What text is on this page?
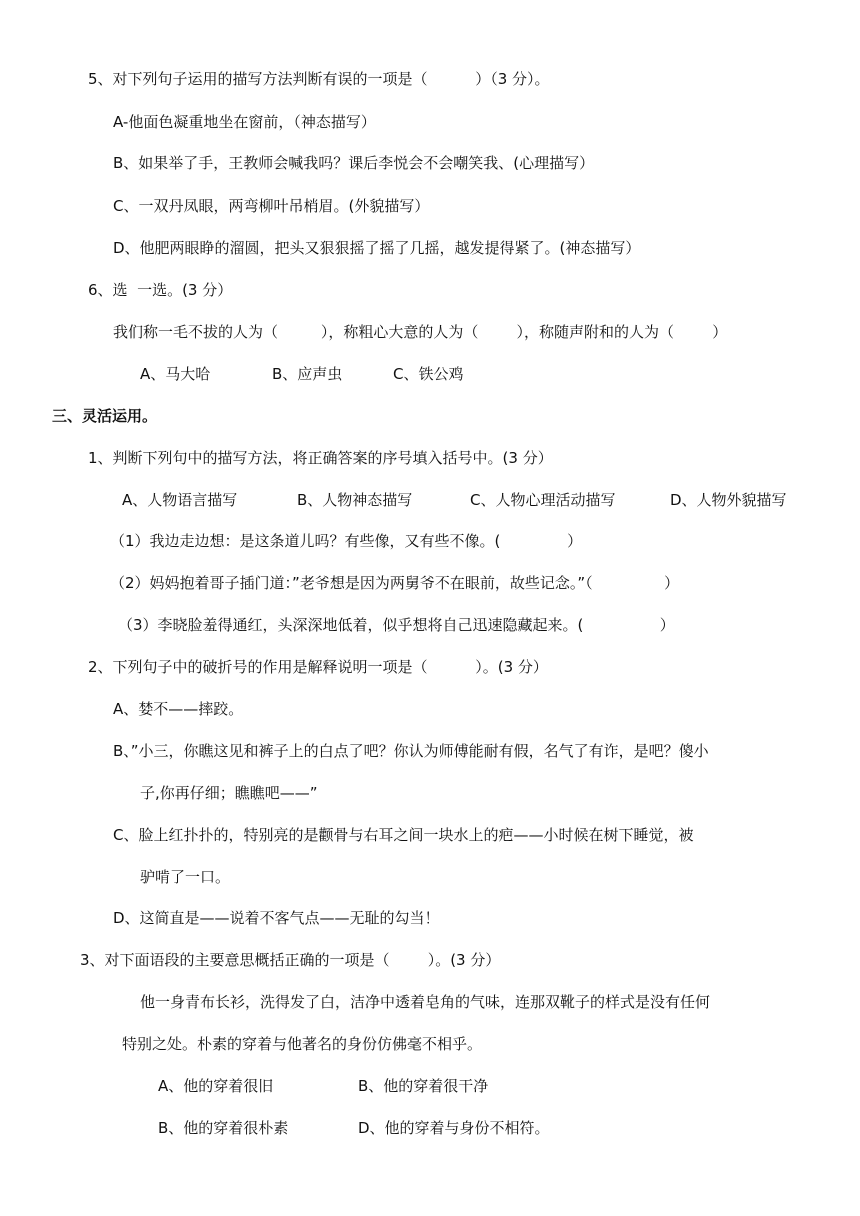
5、对下列句子运用的描写方法判断有误的一项是（          ）（3 分）。
A-他面色凝重地坐在窗前，（神态描写）
B、如果举了手，王教师会喊我吗？课后李悦会不会嘲笑我、(心理描写）
C、一双丹凤眼，两弯柳叶吊梢眉。(外貌描写）
D、他肥两眼睁的溜圆，把头又狠狠摇了摇了几摇，越发提得紧了。(神态描写）
6、选  一选。(3 分）
我们称一毛不拔的人为（         ），称粗心大意的人为（        ），称随声附和的人为（        ）
A、马大哈	B、应声虫	C、铁公鸡
三、灵活运用。
1、判断下列句中的描写方法，将正确答案的序号填入括号中。(3 分）
A、人物语言描写	B、人物神态描写	C、人物心理活动描写	D、人物外貌描写
（1）我边走边想：是这条道儿吗？有些像，又有些不像。(              ）
（2）妈妈抱着哥子插门道：”老爷想是因为两舅爷不在眼前，故些记念。”（               ）
（3）李晓脸羞得通红，头深深地低着，似乎想将自己迅速隐藏起来。(                ）
2、下列句子中的破折号的作用是解释说明一项是（          ）。(3 分）
A、婪不——摔跤。
B、”小三，你瞧这见和裤子上的白点了吧？你认为师傅能耐有假，名气了有诈，是吧？傻小
子,你再仔细；瞧瞧吧——”
C、脸上红扑扑的，特别亮的是颧骨与右耳之间一块水上的疤——小时候在树下睡觉，被
驴啃了一口。
D、这简直是——说着不客气点——无耻的勾当！
3、对下面语段的主要意思概括正确的一项是（        ）。(3 分）
他一身青布长衫，洗得发了白，洁净中透着皂角的气味，连那双靴子的样式是没有任何
特别之处。朴素的穿着与他著名的身份仿佛毫不相乎。
A、他的穿着很旧	B、他的穿着很干净
B、他的穿着很朴素	D、他的穿着与身份不相符。
